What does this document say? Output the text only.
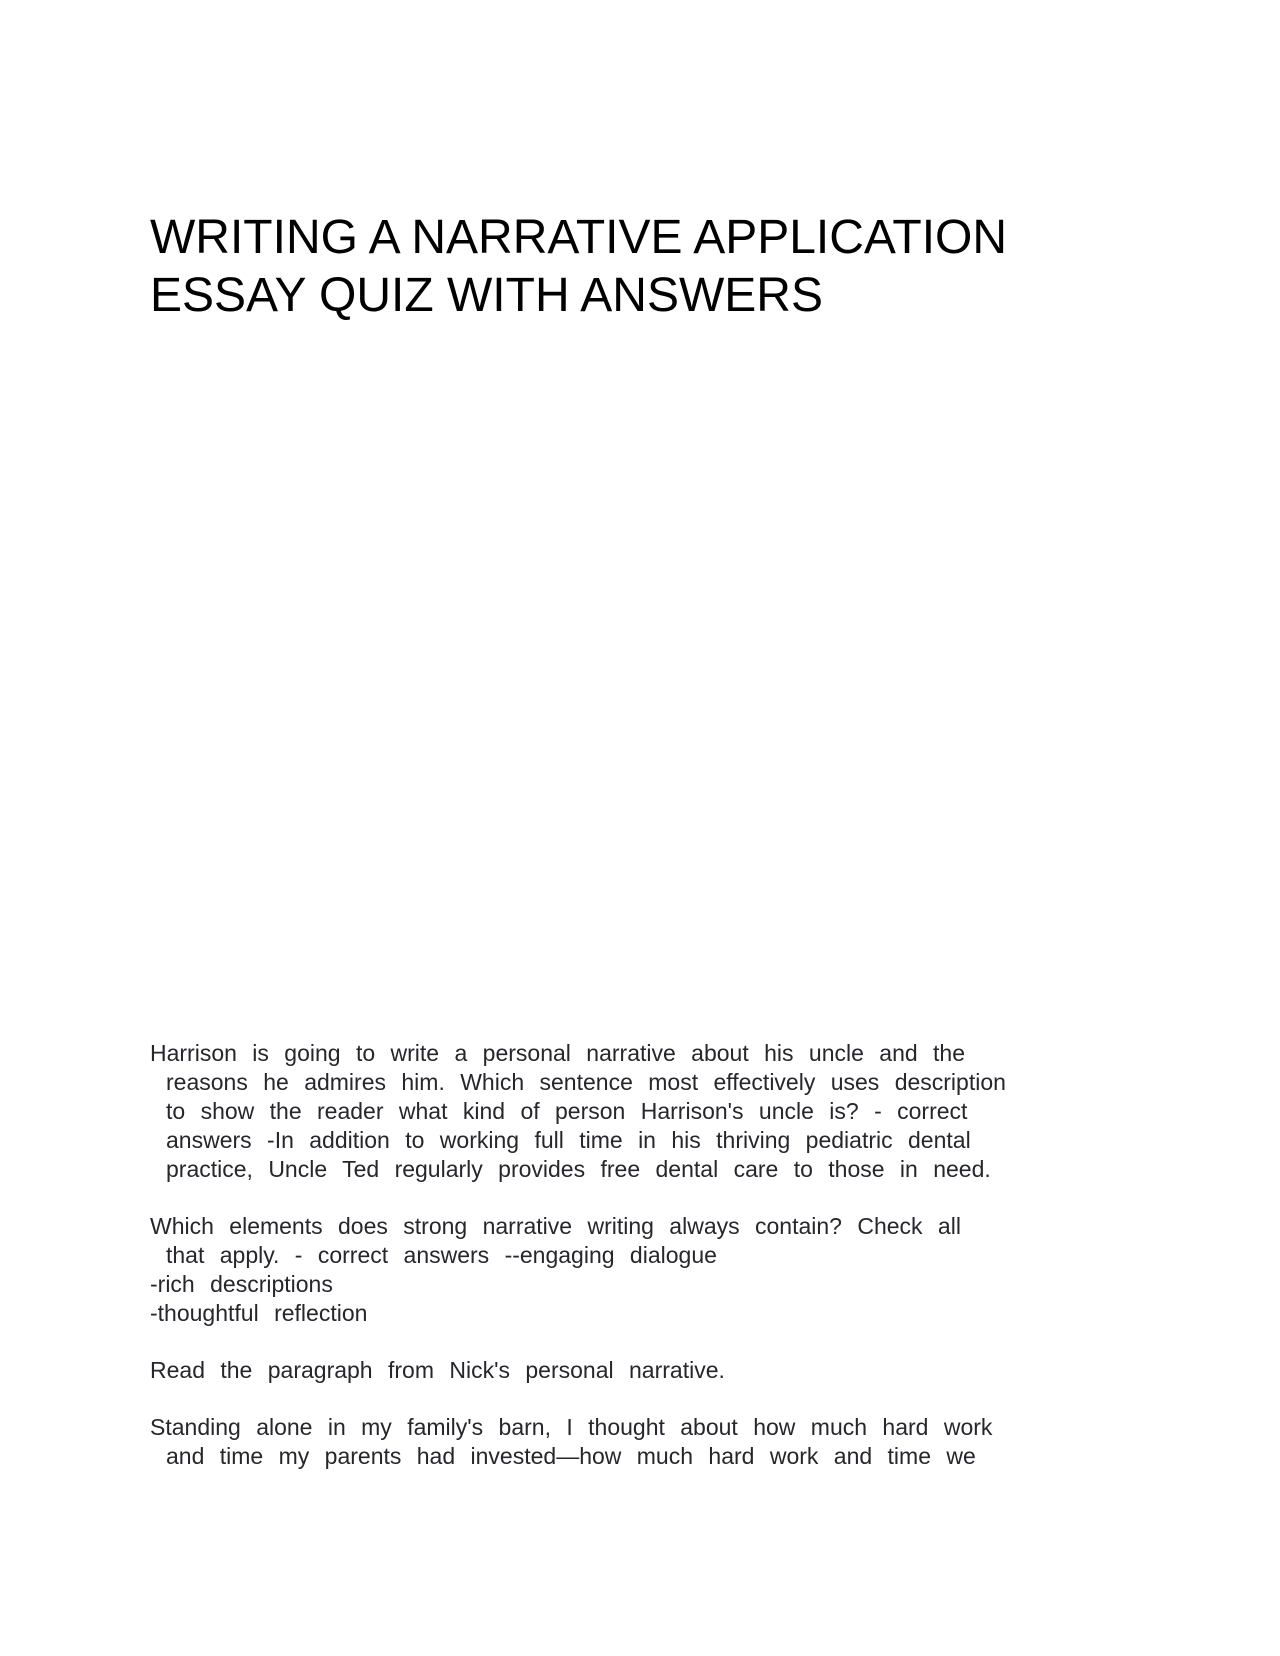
WRITING A NARRATIVE APPLICATION
ESSAY QUIZ WITH ANSWERS
Harrison is going to write a personal narrative about his uncle and the
reasons he admires him. Which sentence most effectively uses description
to show the reader what kind of person Harrison's uncle is? - correct
answers -In addition to working full time in his thriving pediatric dental
practice, Uncle Ted regularly provides free dental care to those in need.
Which elements does strong narrative writing always contain? Check all
that apply. - correct answers --engaging dialogue
-rich descriptions
-thoughtful reflection
Read the paragraph from Nick's personal narrative.
Standing alone in my family's barn, I thought about how much hard work
and time my parents had invested—how much hard work and time we
